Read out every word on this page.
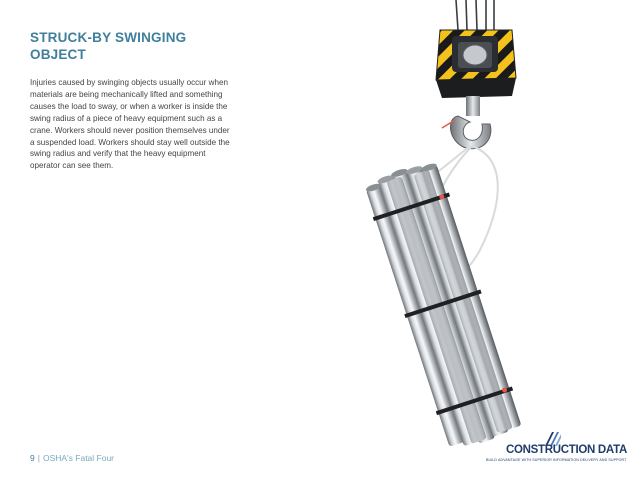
STRUCK-BY SWINGING OBJECT

Injuries caused by swinging objects usually occur when materials are being mechanically lifted and something causes the load to sway, or when a worker is inside the swing radius of a piece of heavy equipment such as a crane. Workers should never position themselves under a suspended load. Workers should stay well outside the swing radius and verify that the heavy equipment operator can see them.

9 | OSHA's Fatal Four
CONSTRUCTION DATA
BUILD ADVANTAGE WITH SUPERIOR INFORMATION DELIVERY AND SUPPORT
